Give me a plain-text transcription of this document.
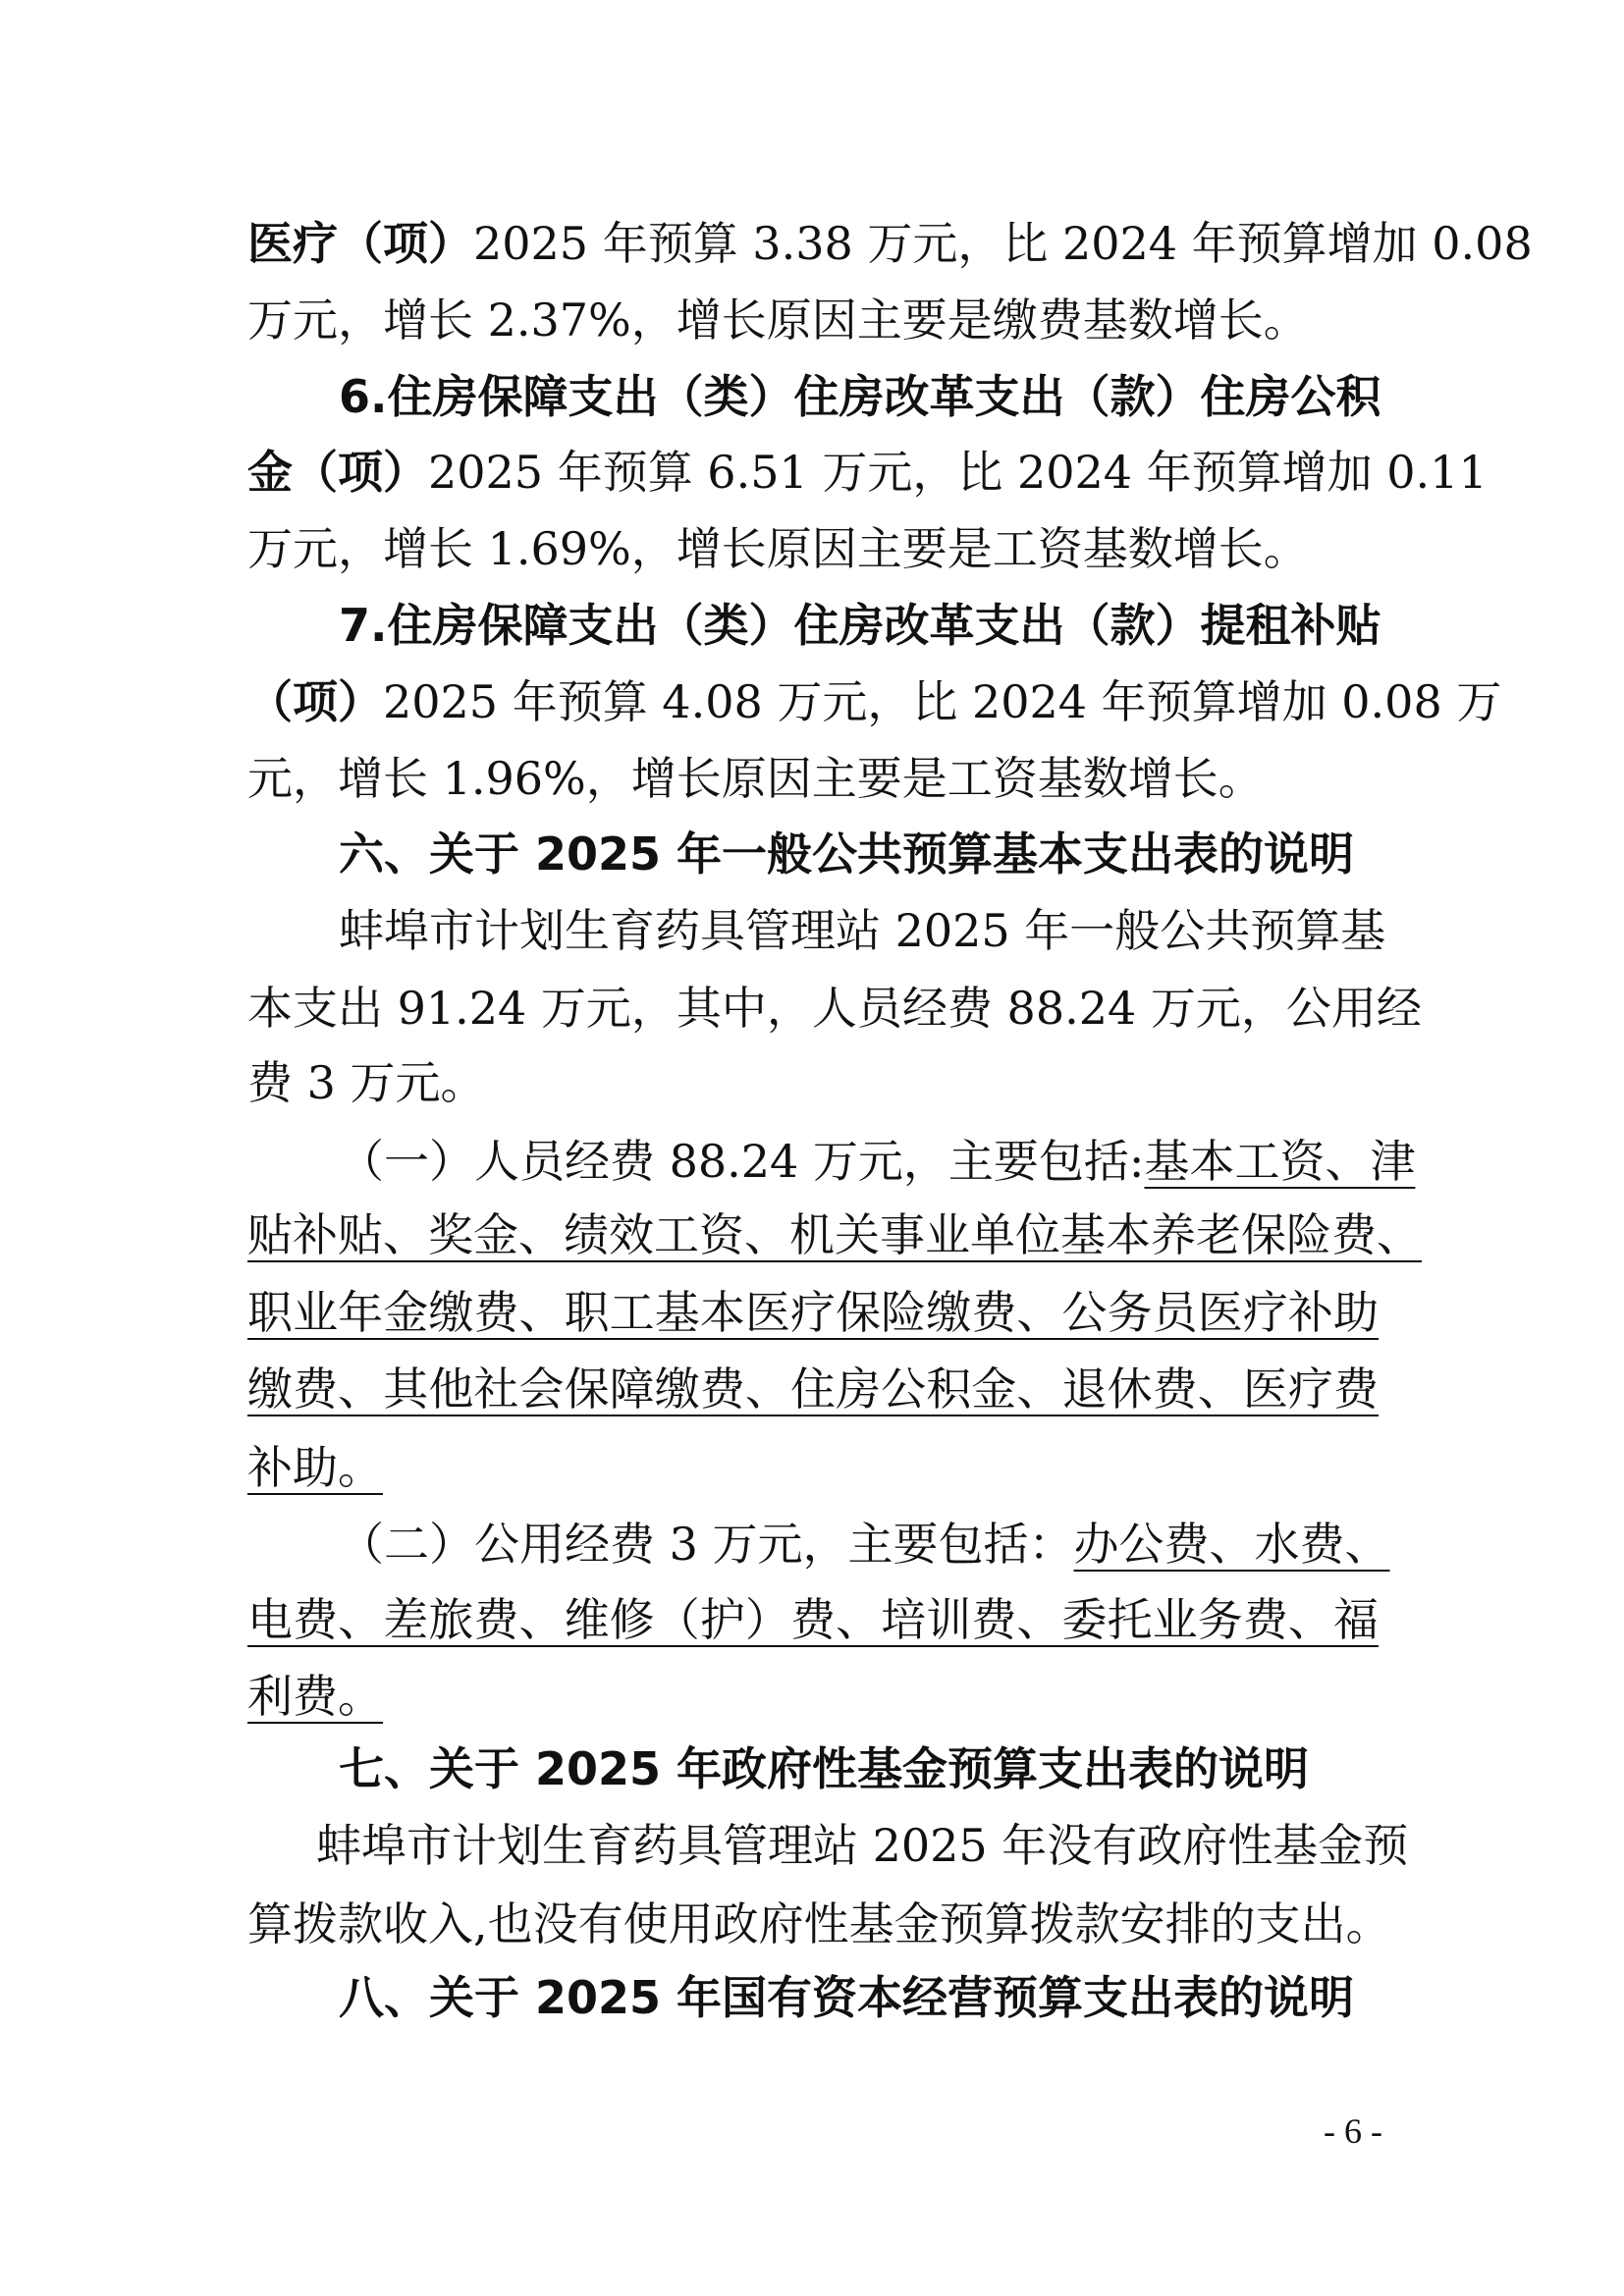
医疗（项）2025 年预算 3.38 万元，比 2024 年预算增加 0.08
万元，增长 2.37%，增长原因主要是缴费基数增长。
6.住房保障支出（类）住房改革支出（款）住房公积
金（项）2025 年预算 6.51 万元，比 2024 年预算增加 0.11
万元，增长 1.69%，增长原因主要是工资基数增长。
7.住房保障支出（类）住房改革支出（款）提租补贴
（项）2025 年预算 4.08 万元，比 2024 年预算增加 0.08 万
元，增长 1.96%，增长原因主要是工资基数增长。
六、关于 2025 年一般公共预算基本支出表的说明
蚌埠市计划生育药具管理站 2025 年一般公共预算基
本支出 91.24 万元，其中，人员经费 88.24 万元，公用经
费 3 万元。
（一）人员经费 88.24 万元，主要包括:基本工资、津
贴补贴、奖金、绩效工资、机关事业单位基本养老保险费、
职业年金缴费、职工基本医疗保险缴费、公务员医疗补助
缴费、其他社会保障缴费、住房公积金、退休费、医疗费
补助。
（二）公用经费 3 万元，主要包括：办公费、水费、
电费、差旅费、维修（护）费、培训费、委托业务费、福
利费。
七、关于 2025 年政府性基金预算支出表的说明
蚌埠市计划生育药具管理站 2025 年没有政府性基金预
算拨款收入,也没有使用政府性基金预算拨款安排的支出。
八、关于 2025 年国有资本经营预算支出表的说明
- 6 -
